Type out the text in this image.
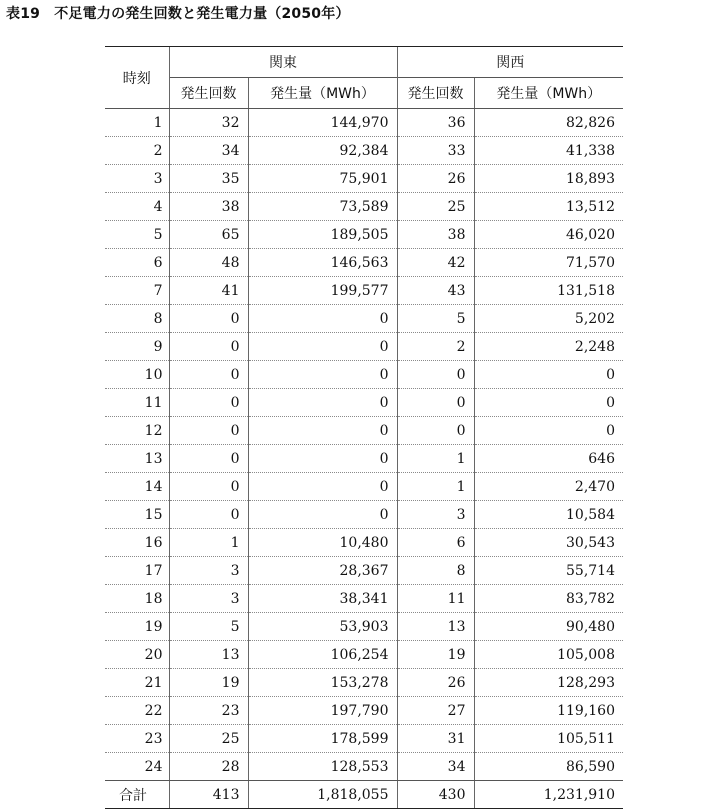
表19　不足電力の発生回数と発生電力量（2050年）
時刻	関東		関西	
	発生回数	発生量（MWh）	発生回数	発生量（MWh）
1	32	144,970	36	82,826
2	34	92,384	33	41,338
3	35	75,901	26	18,893
4	38	73,589	25	13,512
5	65	189,505	38	46,020
6	48	146,563	42	71,570
7	41	199,577	43	131,518
8	0	0	5	5,202
9	0	0	2	2,248
10	0	0	0	0
11	0	0	0	0
12	0	0	0	0
13	0	0	1	646
14	0	0	1	2,470
15	0	0	3	10,584
16	1	10,480	6	30,543
17	3	28,367	8	55,714
18	3	38,341	11	83,782
19	5	53,903	13	90,480
20	13	106,254	19	105,008
21	19	153,278	26	128,293
22	23	197,790	27	119,160
23	25	178,599	31	105,511
24	28	128,553	34	86,590
合計	413	1,818,055	430	1,231,910
